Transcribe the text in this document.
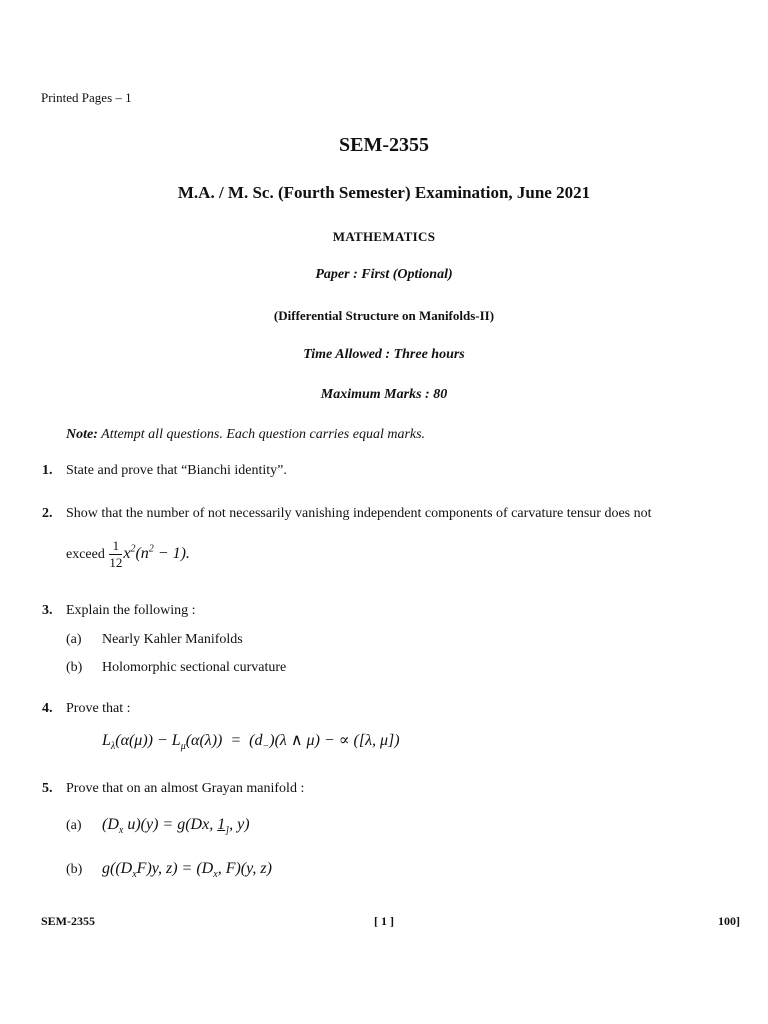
Printed Pages – 1
SEM-2355
M.A. / M. Sc. (Fourth Semester) Examination, June 2021
MATHEMATICS
Paper : First (Optional)
(Differential Structure on Manifolds-II)
Time Allowed : Three hours
Maximum Marks : 80
Note: Attempt all questions. Each question carries equal marks.
1. State and prove that “Bianchi identity”.
2. Show that the number of not necessarily vanishing independent components of carvature tensur does not
exceed $\frac{1}{12} x^2(n^2 - 1)$.
3. Explain the following :
(a) Nearly Kahler Manifolds
(b) Holomorphic sectional curvature
4. Prove that :
$L_\lambda(\alpha(\mu)) - L_\mu(\alpha(\lambda)) = (d_-)(\lambda$ ∧ μ) − ∝ ([λ, μ])
5. Prove that on an almost Grayan manifold :
(a) ($D_x$ u)(y) = g(Dx, $1_]$, y)
(b) $g((D_xF)y$, $z) = (D_x$, F)(y, z)
SEM-2355	[ 1 ]	100]
